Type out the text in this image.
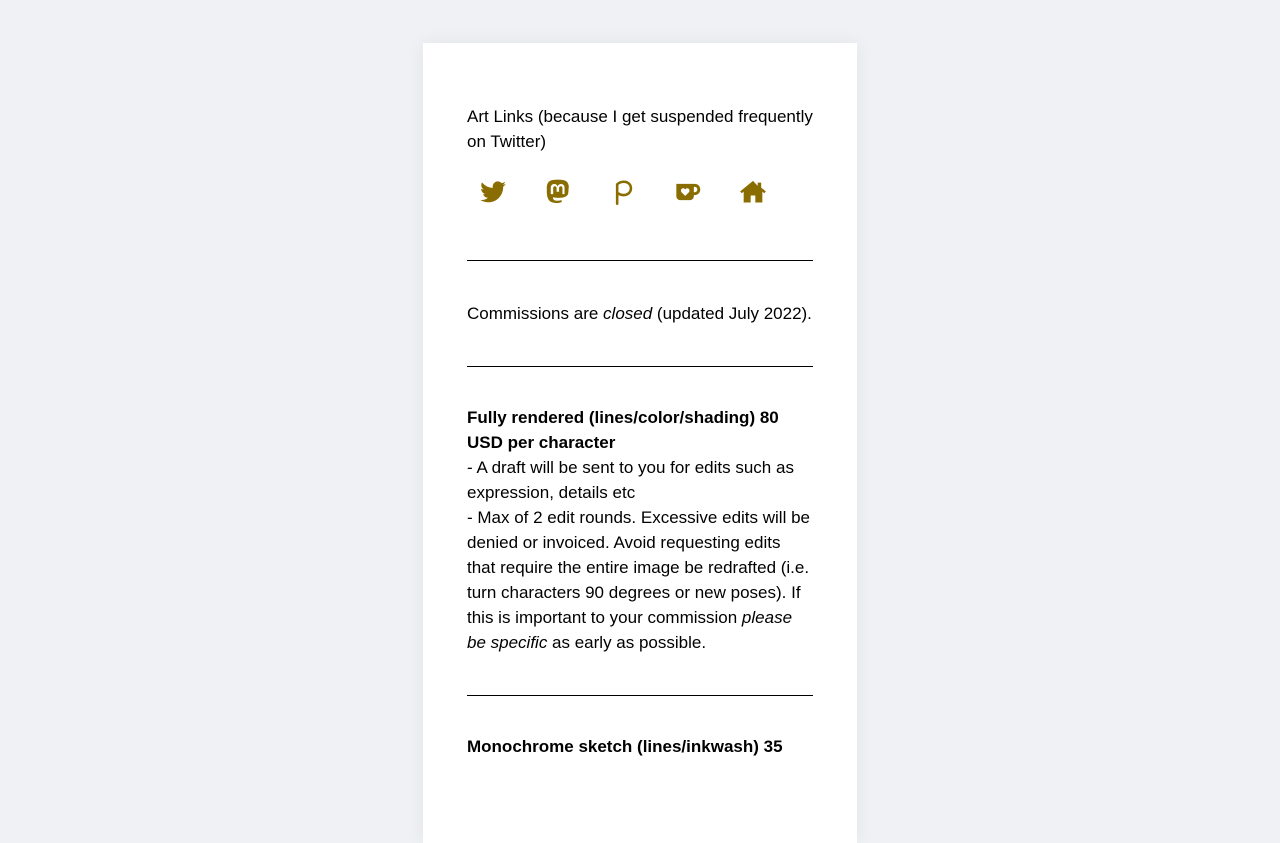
Art Links (because I get suspended frequently on Twitter)

Commissions are closed (updated July 2022).

Fully rendered (lines/color/shading) 80 USD per character
- A draft will be sent to you for edits such as expression, details etc
- Max of 2 edit rounds. Excessive edits will be denied or invoiced. Avoid requesting edits that require the entire image be redrafted (i.e. turn characters 90 degrees or new poses). If this is important to your commission please be specific as early as possible.

Monochrome sketch (lines/inkwash) 35
